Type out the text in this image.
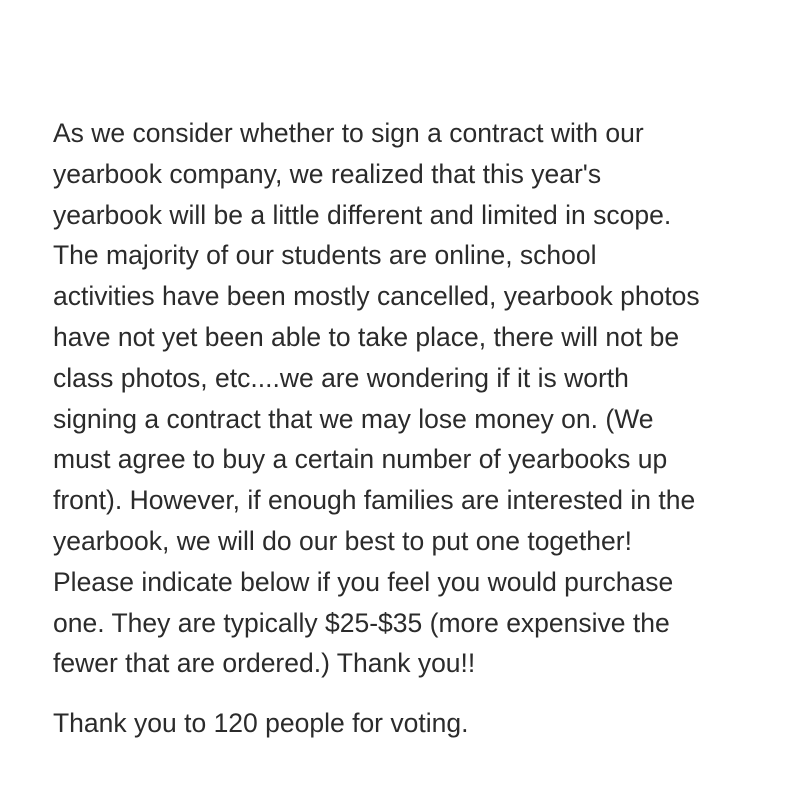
As we consider whether to sign a contract with our
yearbook company, we realized that this year's
yearbook will be a little different and limited in scope.
The majority of our students are online, school
activities have been mostly cancelled, yearbook photos
have not yet been able to take place, there will not be
class photos, etc....we are wondering if it is worth
signing a contract that we may lose money on. (We
must agree to buy a certain number of yearbooks up
front). However, if enough families are interested in the
yearbook, we will do our best to put one together!
Please indicate below if you feel you would purchase
one. They are typically $25-$35 (more expensive the
fewer that are ordered.) Thank you!!

Thank you to 120 people for voting.
